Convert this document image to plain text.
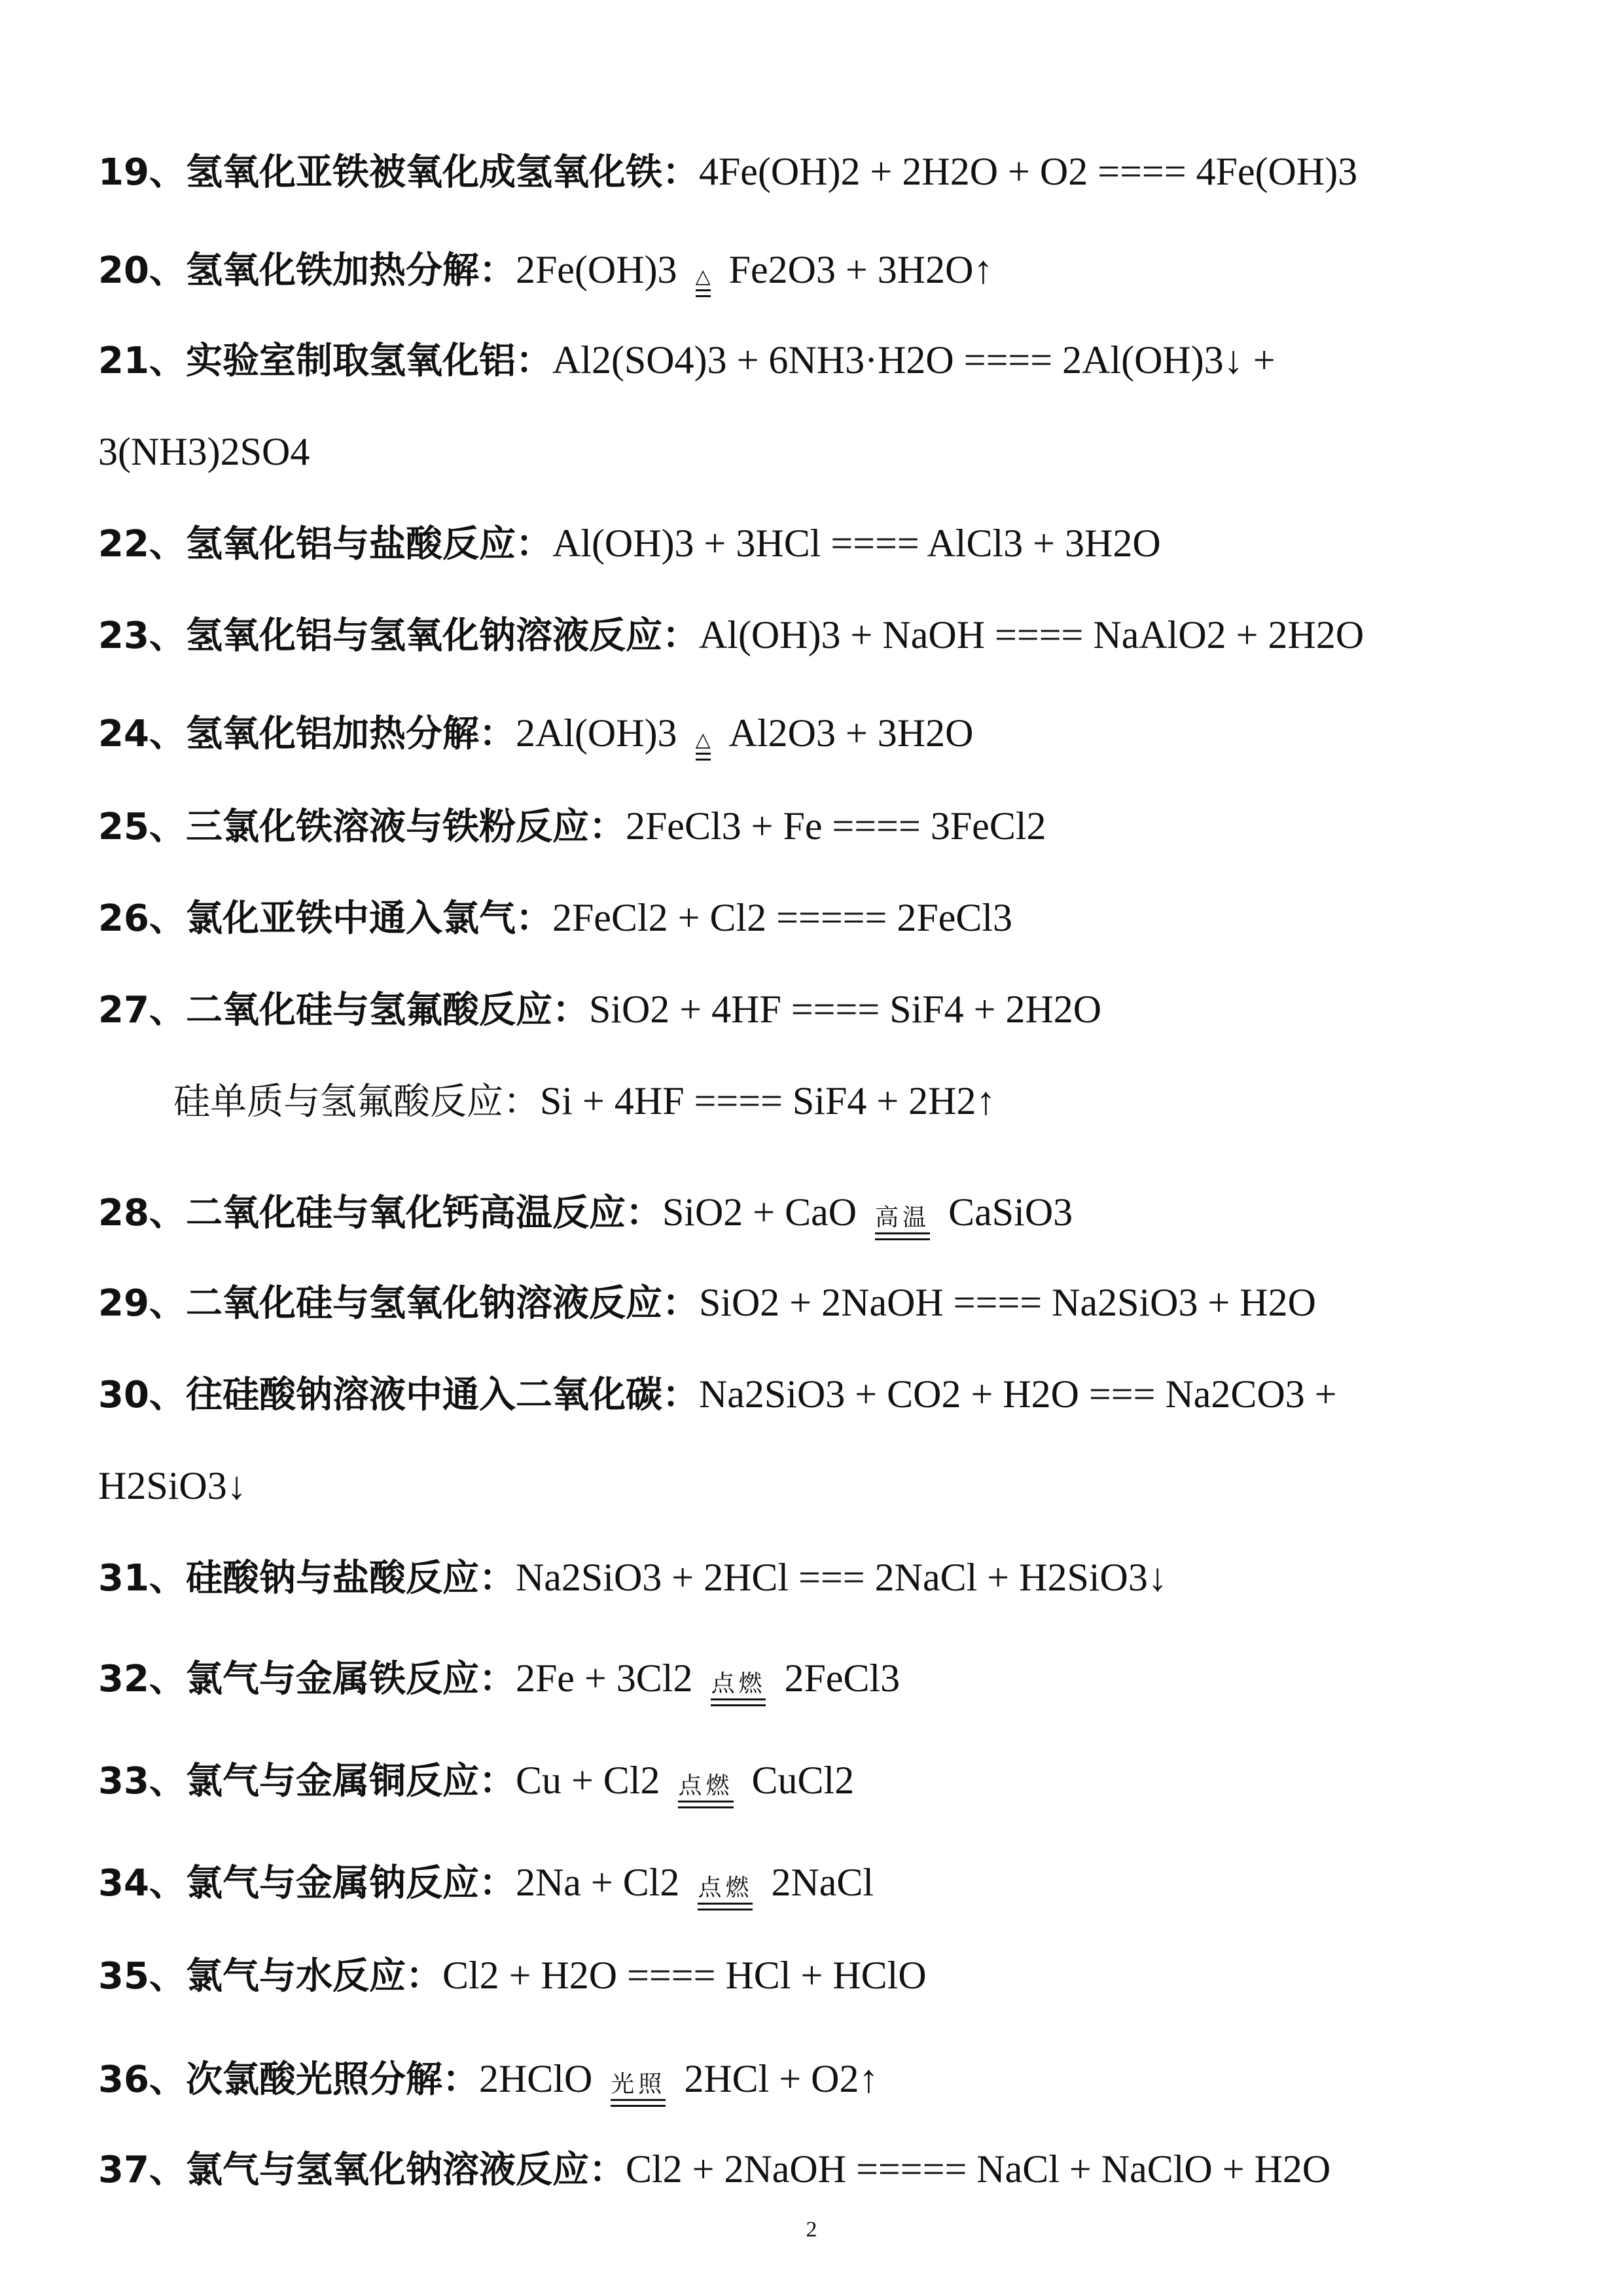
19、氢氧化亚铁被氧化成氢氧化铁：4Fe(OH)2 + 2H2O + O2 ==== 4Fe(OH)3
20、氢氧化铁加热分解：2Fe(OH)3 △ Fe2O3 + 3H2O↑
21、实验室制取氢氧化铝：Al2(SO4)3 + 6NH3·H2O ==== 2Al(OH)3↓ +
3(NH3)2SO4
22、氢氧化铝与盐酸反应：Al(OH)3 + 3HCl ==== AlCl3 + 3H2O
23、氢氧化铝与氢氧化钠溶液反应：Al(OH)3 + NaOH ==== NaAlO2 + 2H2O
24、氢氧化铝加热分解：2Al(OH)3 △ Al2O3 + 3H2O
25、三氯化铁溶液与铁粉反应：2FeCl3 + Fe ==== 3FeCl2
26、氯化亚铁中通入氯气：2FeCl2 + Cl2 ===== 2FeCl3
27、二氧化硅与氢氟酸反应：SiO2 + 4HF ==== SiF4 + 2H2O
硅单质与氢氟酸反应：Si + 4HF ==== SiF4 + 2H2↑
28、二氧化硅与氧化钙高温反应：SiO2 + CaO 高温 CaSiO3
29、二氧化硅与氢氧化钠溶液反应：SiO2 + 2NaOH ==== Na2SiO3 + H2O
30、往硅酸钠溶液中通入二氧化碳：Na2SiO3 + CO2 + H2O === Na2CO3 +
H2SiO3↓
31、硅酸钠与盐酸反应：Na2SiO3 + 2HCl === 2NaCl + H2SiO3↓
32、氯气与金属铁反应：2Fe + 3Cl2 点燃 2FeCl3
33、氯气与金属铜反应：Cu + Cl2 点燃 CuCl2
34、氯气与金属钠反应：2Na + Cl2 点燃 2NaCl
35、氯气与水反应：Cl2 + H2O ==== HCl + HClO
36、次氯酸光照分解：2HClO 光照 2HCl + O2↑
37、氯气与氢氧化钠溶液反应：Cl2 + 2NaOH ===== NaCl + NaClO + H2O
2
